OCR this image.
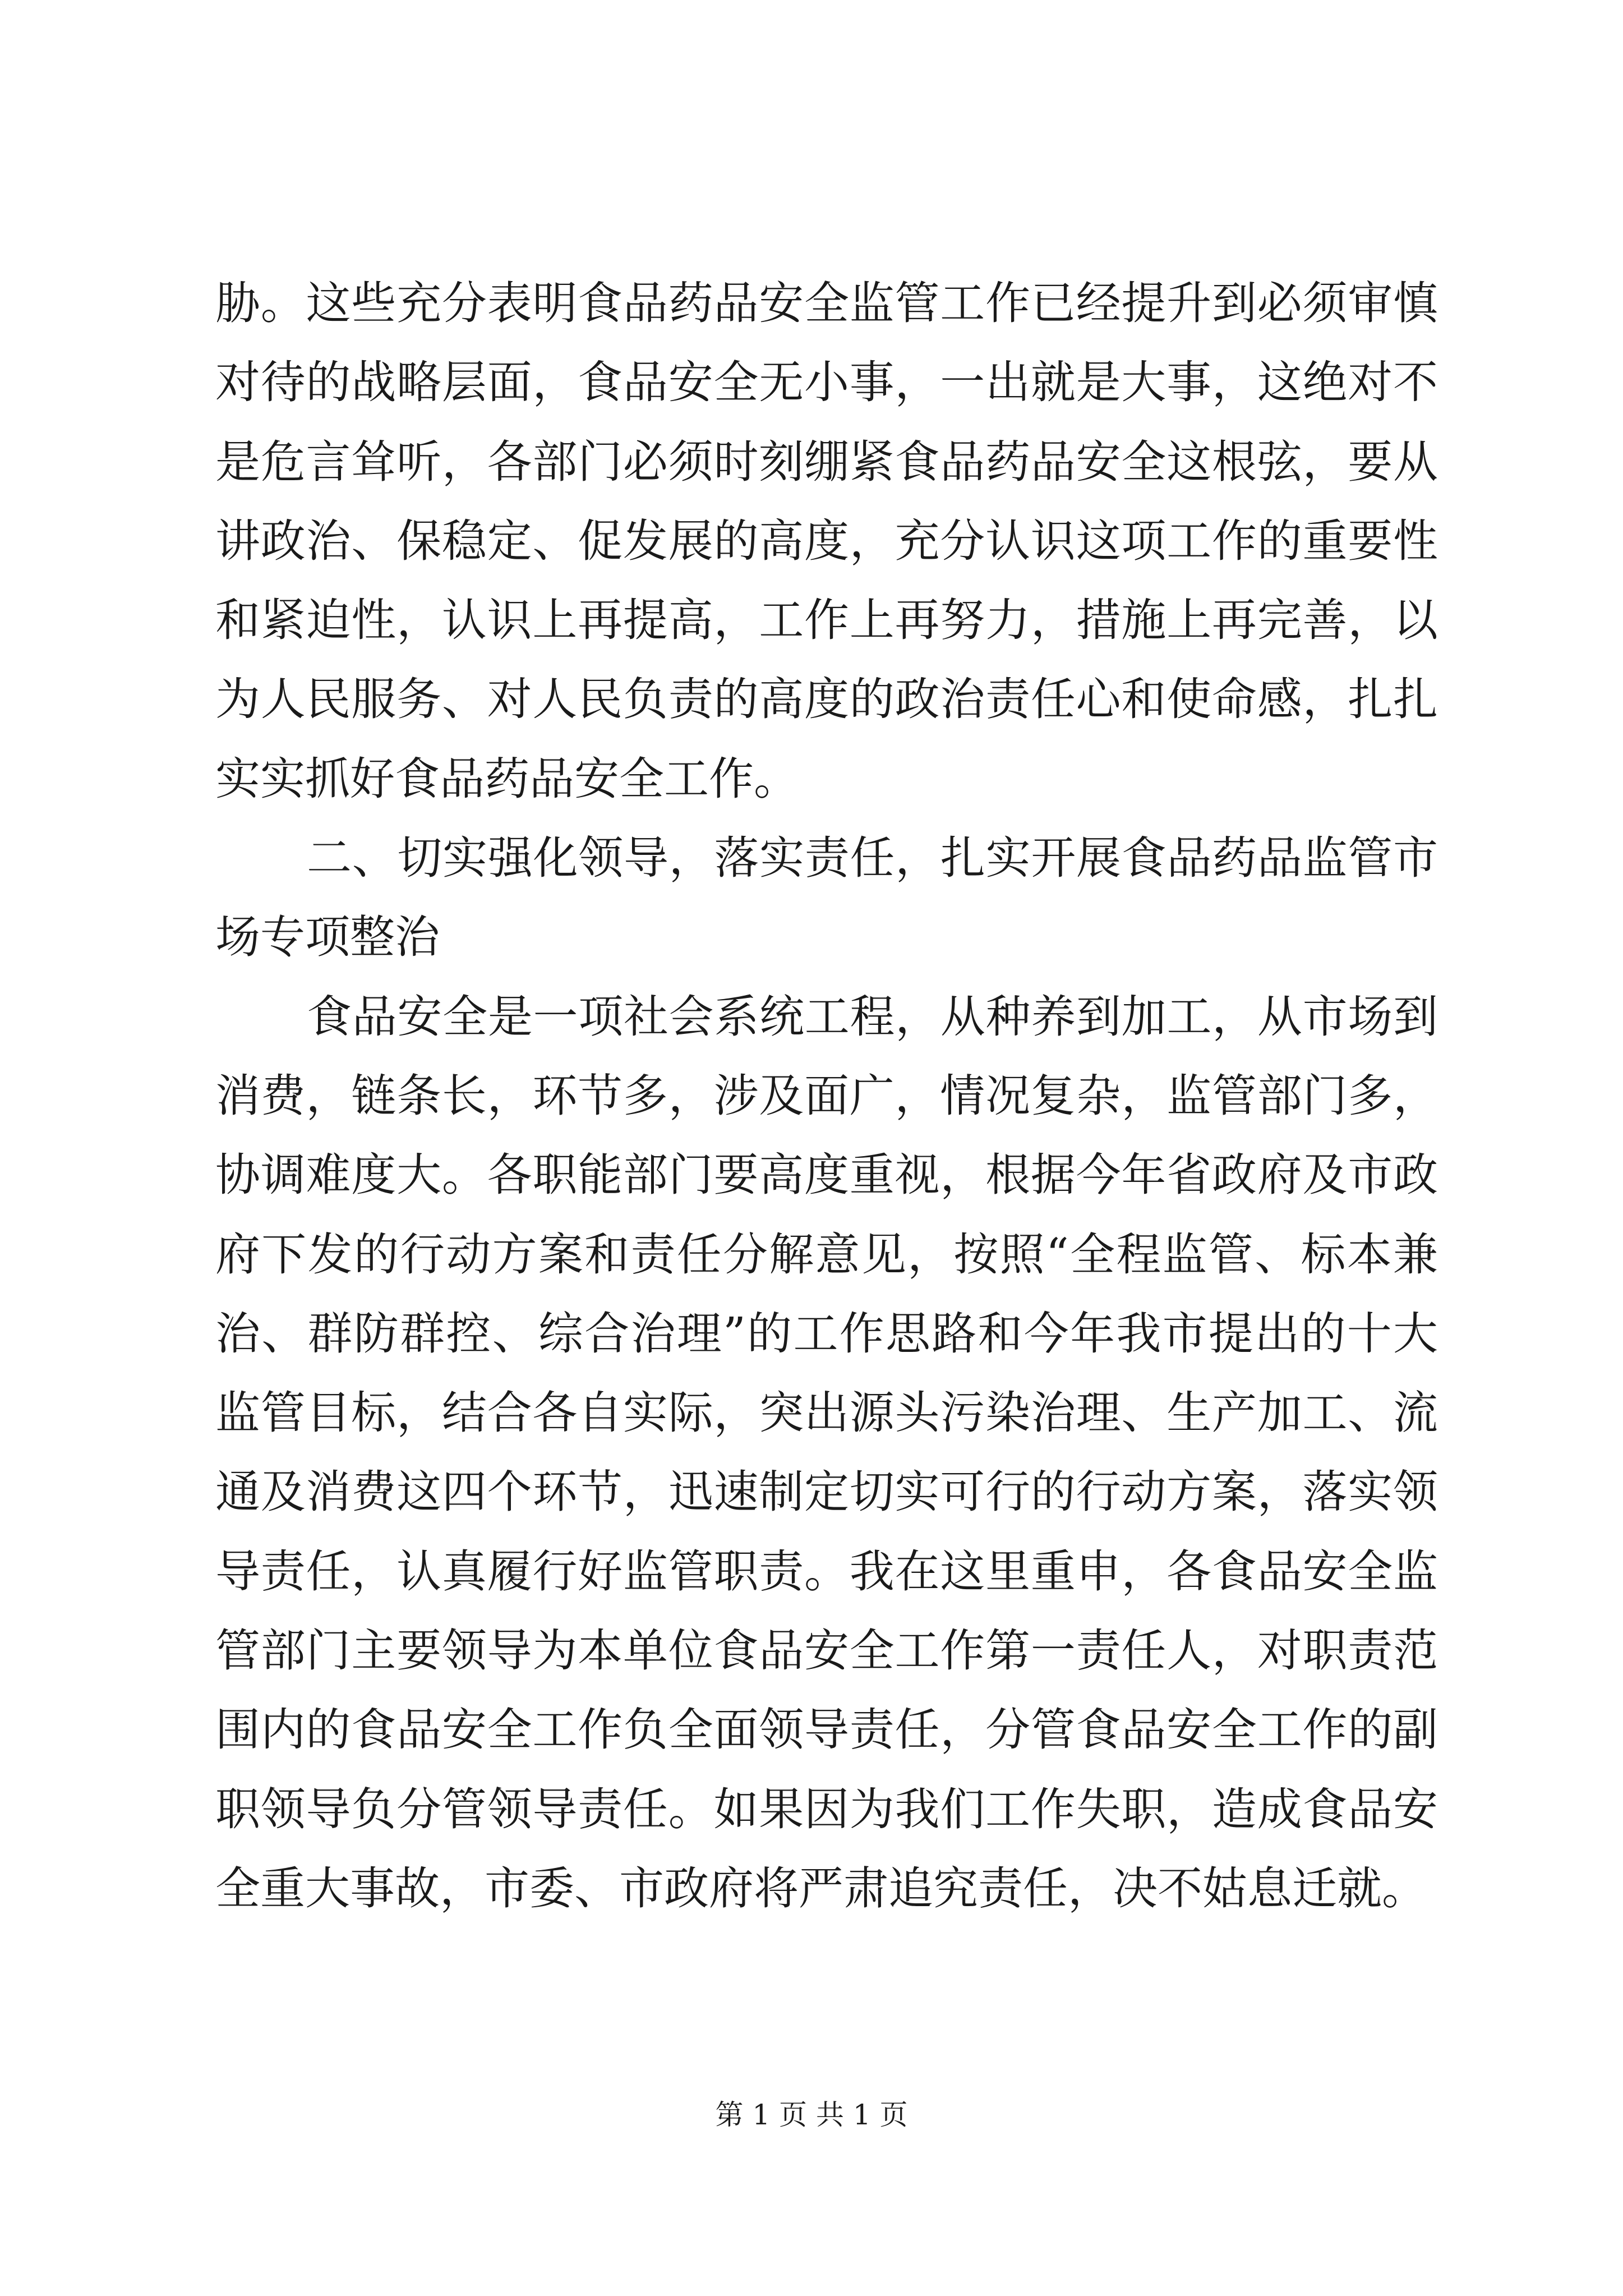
胁。这些充分表明食品药品安全监管工作已经提升到必须审慎对待的战略层面，食品安全无小事，一出就是大事，这绝对不是危言耸听，各部门必须时刻绷紧食品药品安全这根弦，要从讲政治、保稳定、促发展的高度，充分认识这项工作的重要性和紧迫性，认识上再提高，工作上再努力，措施上再完善，以为人民服务、对人民负责的高度的政治责任心和使命感，扎扎实实抓好食品药品安全工作。

二、切实强化领导，落实责任，扎实开展食品药品监管市场专项整治

食品安全是一项社会系统工程，从种养到加工，从市场到消费，链条长，环节多，涉及面广，情况复杂，监管部门多，协调难度大。各职能部门要高度重视，根据今年省政府及市政府下发的行动方案和责任分解意见，按照“全程监管、标本兼治、群防群控、综合治理”的工作思路和今年我市提出的十大监管目标，结合各自实际，突出源头污染治理、生产加工、流通及消费这四个环节，迅速制定切实可行的行动方案，落实领导责任，认真履行好监管职责。我在这里重申，各食品安全监管部门主要领导为本单位食品安全工作第一责任人，对职责范围内的食品安全工作负全面领导责任，分管食品安全工作的副职领导负分管领导责任。如果因为我们工作失职，造成食品安全重大事故，市委、市政府将严肃追究责任，决不姑息迁就。

第 1 页 共 1 页
